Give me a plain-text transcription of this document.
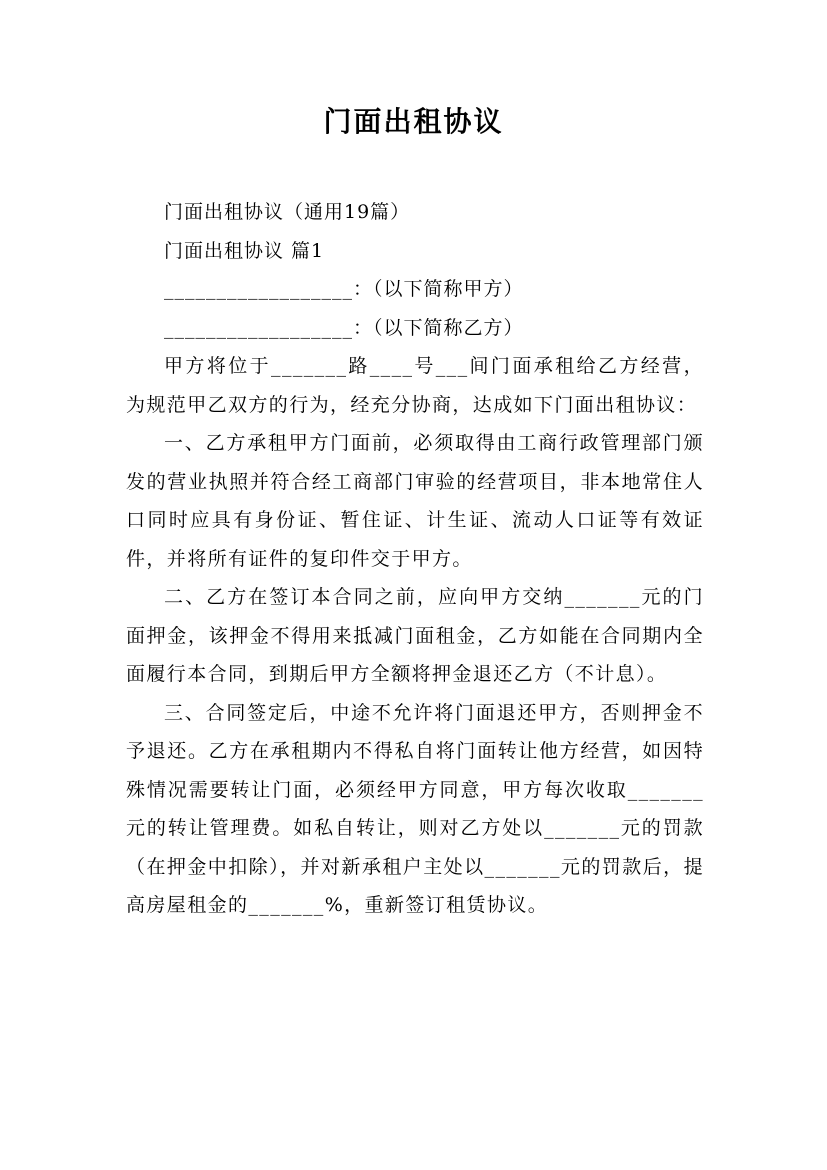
门面出租协议

门面出租协议（通用19篇）

门面出租协议 篇1

__________________：（以下简称甲方）

__________________：（以下简称乙方）

甲方将位于_______路____号___间门面承租给乙方经营，为规范甲乙双方的行为，经充分协商，达成如下门面出租协议：

一、乙方承租甲方门面前，必须取得由工商行政管理部门颁发的营业执照并符合经工商部门审验的经营项目，非本地常住人口同时应具有身份证、暂住证、计生证、流动人口证等有效证件，并将所有证件的复印件交于甲方。

二、乙方在签订本合同之前，应向甲方交纳_______元的门面押金，该押金不得用来抵减门面租金，乙方如能在合同期内全面履行本合同，到期后甲方全额将押金退还乙方（不计息）。

三、合同签定后，中途不允许将门面退还甲方，否则押金不予退还。乙方在承租期内不得私自将门面转让他方经营，如因特殊情况需要转让门面，必须经甲方同意，甲方每次收取_______元的转让管理费。如私自转让，则对乙方处以_______元的罚款（在押金中扣除），并对新承租户主处以_______元的罚款后，提高房屋租金的_______%，重新签订租赁协议。
